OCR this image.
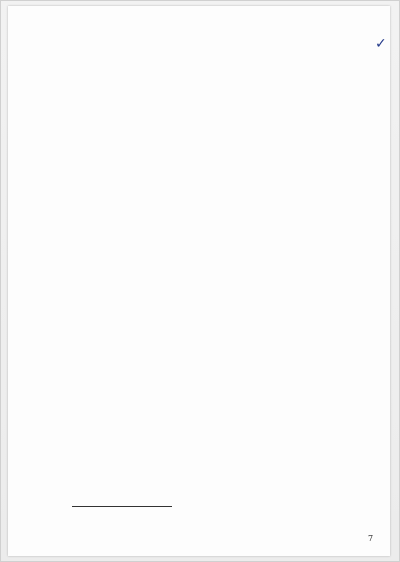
✓

7
